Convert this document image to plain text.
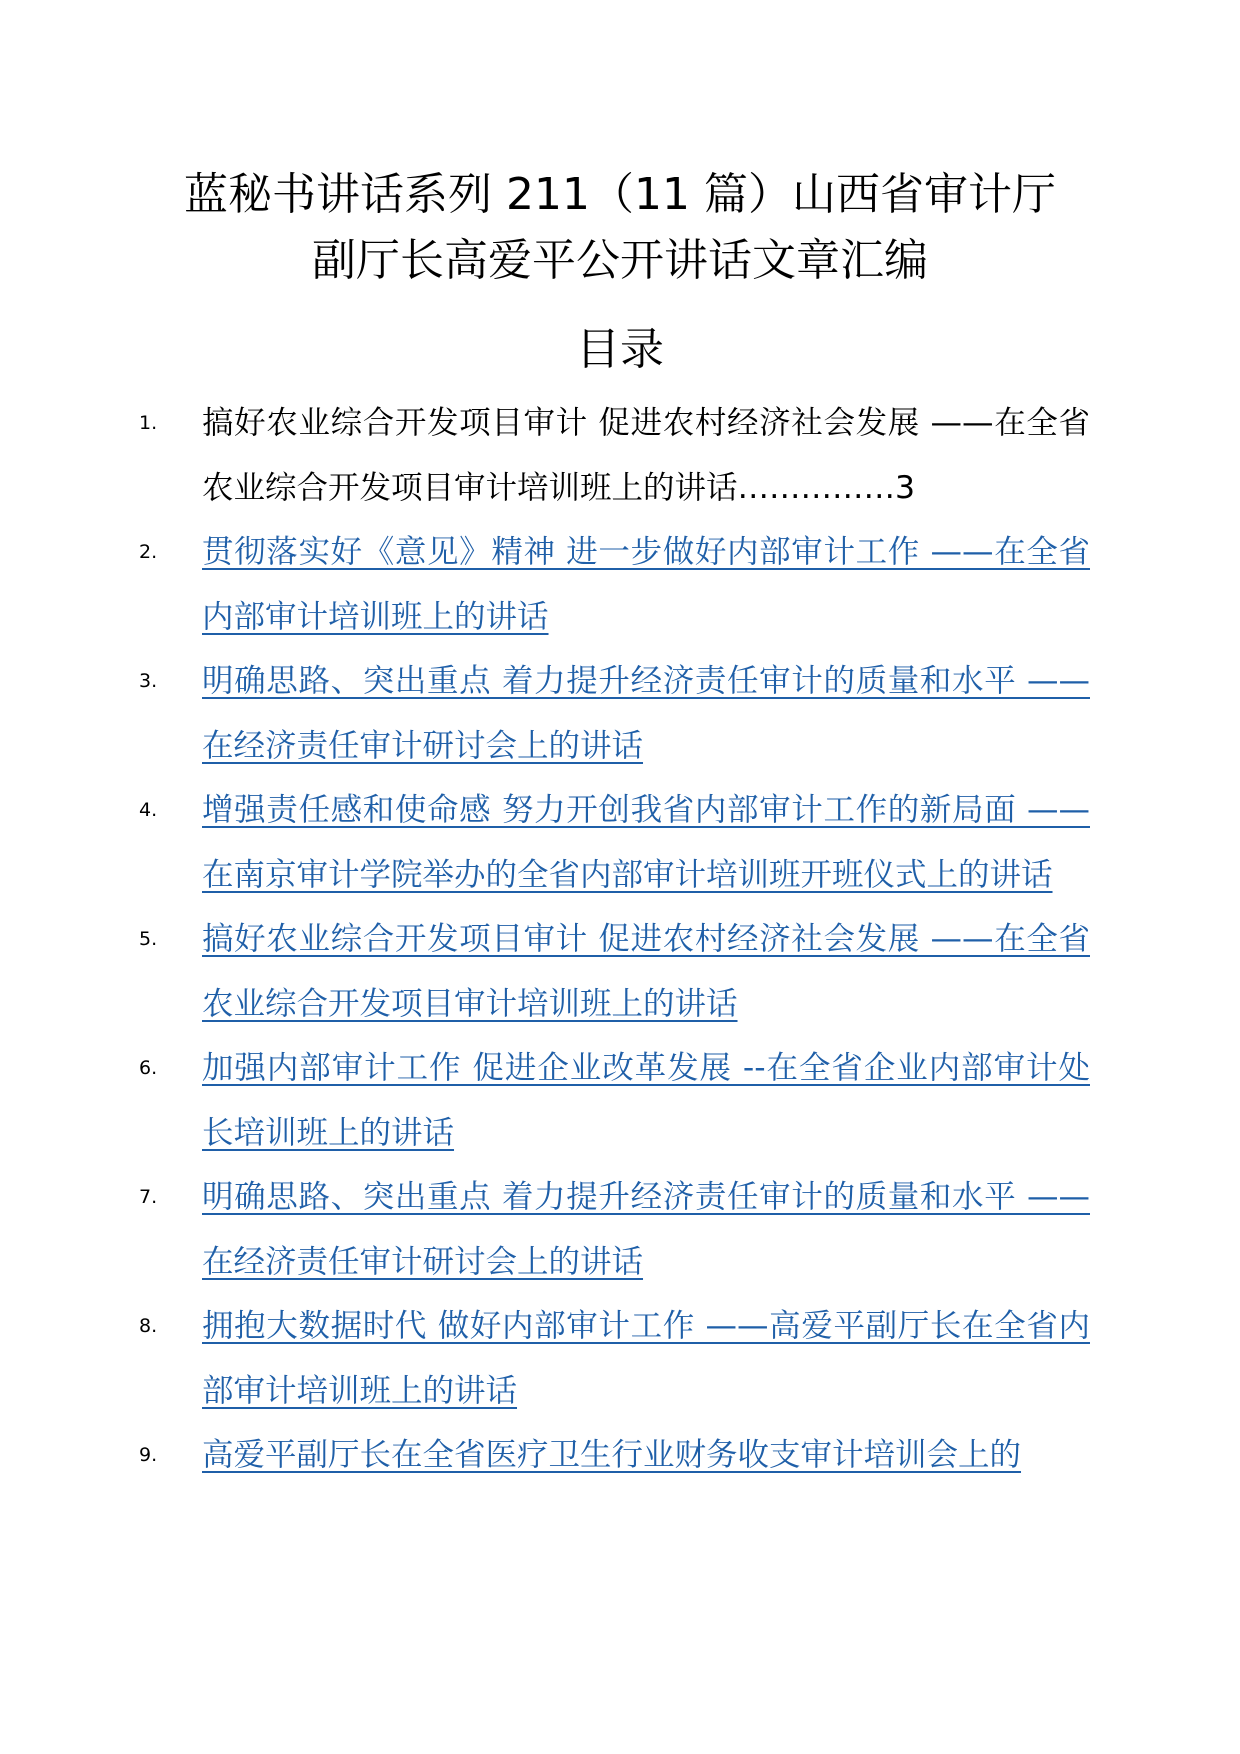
蓝秘书讲话系列 211（11 篇）山西省审计厅
副厅长高爱平公开讲话文章汇编
目录
1. 搞好农业综合开发项目审计 促进农村经济社会发展 ——在全省农业综合开发项目审计培训班上的讲话……………3
2. 贯彻落实好《意见》精神 进一步做好内部审计工作 ——在全省内部审计培训班上的讲话
3. 明确思路、突出重点 着力提升经济责任审计的质量和水平 ——在经济责任审计研讨会上的讲话
4. 增强责任感和使命感 努力开创我省内部审计工作的新局面 ——在南京审计学院举办的全省内部审计培训班开班仪式上的讲话
5. 搞好农业综合开发项目审计 促进农村经济社会发展 ——在全省农业综合开发项目审计培训班上的讲话
6. 加强内部审计工作 促进企业改革发展 --在全省企业内部审计处长培训班上的讲话
7. 明确思路、突出重点 着力提升经济责任审计的质量和水平 ——在经济责任审计研讨会上的讲话
8. 拥抱大数据时代 做好内部审计工作 ——高爱平副厅长在全省内部审计培训班上的讲话
9. 高爱平副厅长在全省医疗卫生行业财务收支审计培训会上的
